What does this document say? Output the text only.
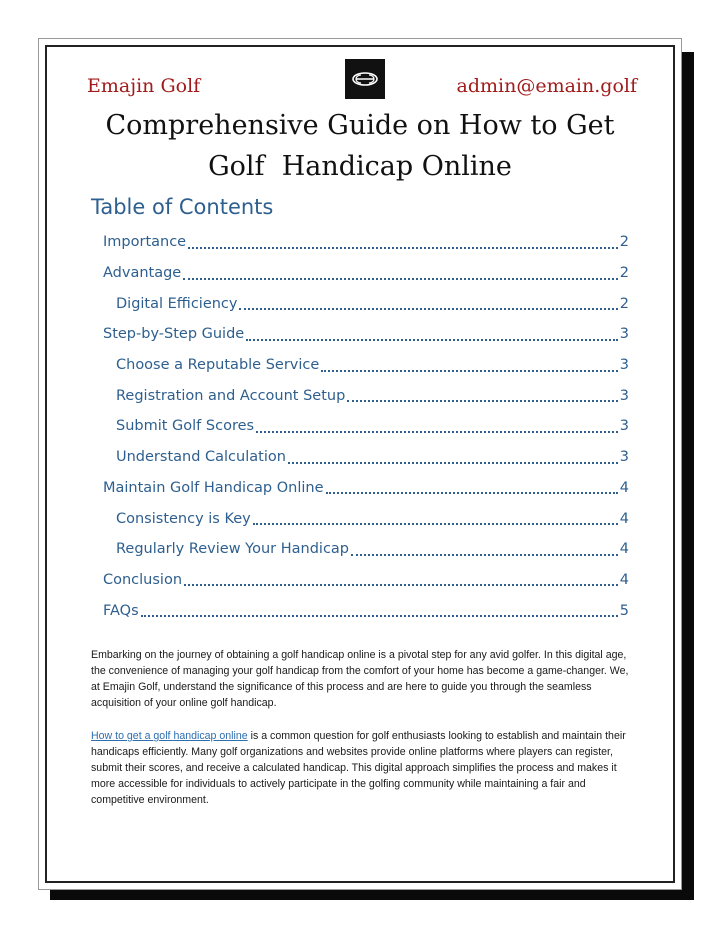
Emajin Golf	admin@emain.golf
Comprehensive Guide on How to Get
Golf  Handicap Online
Table of Contents
Importance	2
Advantage	2
Digital Efficiency	2
Step-by-Step Guide	3
Choose a Reputable Service	3
Registration and Account Setup	3
Submit Golf Scores	3
Understand Calculation	3
Maintain Golf Handicap Online	4
Consistency is Key	4
Regularly Review Your Handicap	4
Conclusion	4
FAQs	5
Embarking on the journey of obtaining a golf handicap online is a pivotal step for any avid golfer. In this digital age, the convenience of managing your golf handicap from the comfort of your home has become a game-changer. We, at Emajin Golf, understand the significance of this process and are here to guide you through the seamless acquisition of your online golf handicap.
How to get a golf handicap online is a common question for golf enthusiasts looking to establish and maintain their handicaps efficiently. Many golf organizations and websites provide online platforms where players can register, submit their scores, and receive a calculated handicap. This digital approach simplifies the process and makes it more accessible for individuals to actively participate in the golfing community while maintaining a fair and competitive environment.
